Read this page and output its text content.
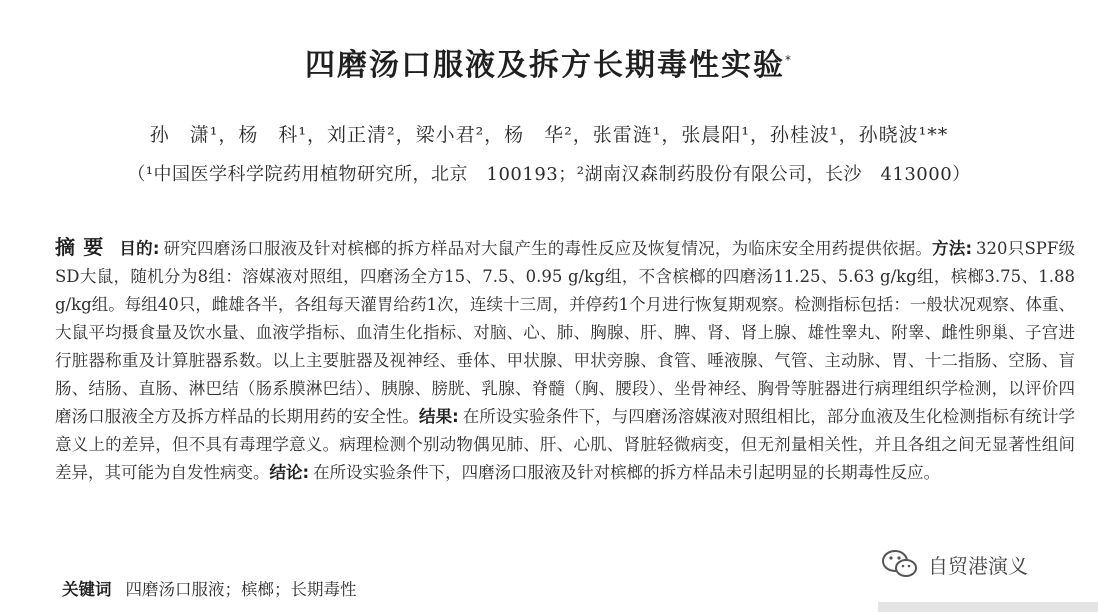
四磨汤口服液及拆方长期毒性实验*
孙　潇¹，杨　科¹，刘正清²，梁小君²，杨　华²，张雷涟¹，张晨阳¹，孙桂波¹，孙晓波¹**
（¹中国医学科学院药用植物研究所，北京　100193；²湖南汉森制药股份有限公司，长沙　413000）
摘要 目的: 研究四磨汤口服液及针对槟榔的拆方样品对大鼠产生的毒性反应及恢复情况，为临床安全用药提供依据。方法: 320只SPF级SD大鼠，随机分为8组：溶媒液对照组，四磨汤全方15、7.5、0.95 g/kg组，不含槟榔的四磨汤11.25、5.63 g/kg组，槟榔3.75、1.88 g/kg组。每组40只，雌雄各半，各组每天灌胃给药1次，连续十三周，并停药1个月进行恢复期观察。检测指标包括：一般状况观察、体重、大鼠平均摄食量及饮水量、血液学指标、血清生化指标、对脑、心、肺、胸腺、肝、脾、肾、肾上腺、雄性睾丸、附睾、雌性卵巢、子宫进行脏器称重及计算脏器系数。以上主要脏器及视神经、垂体、甲状腺、甲状旁腺、食管、唾液腺、气管、主动脉、胃、十二指肠、空肠、盲肠、结肠、直肠、淋巴结（肠系膜淋巴结）、胰腺、膀胱、乳腺、脊髓（胸、腰段）、坐骨神经、胸骨等脏器进行病理组织学检测，以评价四磨汤口服液全方及拆方样品的长期用药的安全性。结果: 在所设实验条件下，与四磨汤溶媒液对照组相比，部分血液及生化检测指标有统计学意义上的差异，但不具有毒理学意义。病理检测个别动物偶见肺、肝、心肌、肾脏轻微病变，但无剂量相关性，并且各组之间无显著性组间差异，其可能为自发性病变。结论: 在所设实验条件下，四磨汤口服液及针对槟榔的拆方样品未引起明显的长期毒性反应。
关键词 四磨汤口服液；槟榔；长期毒性
自贸港演义
